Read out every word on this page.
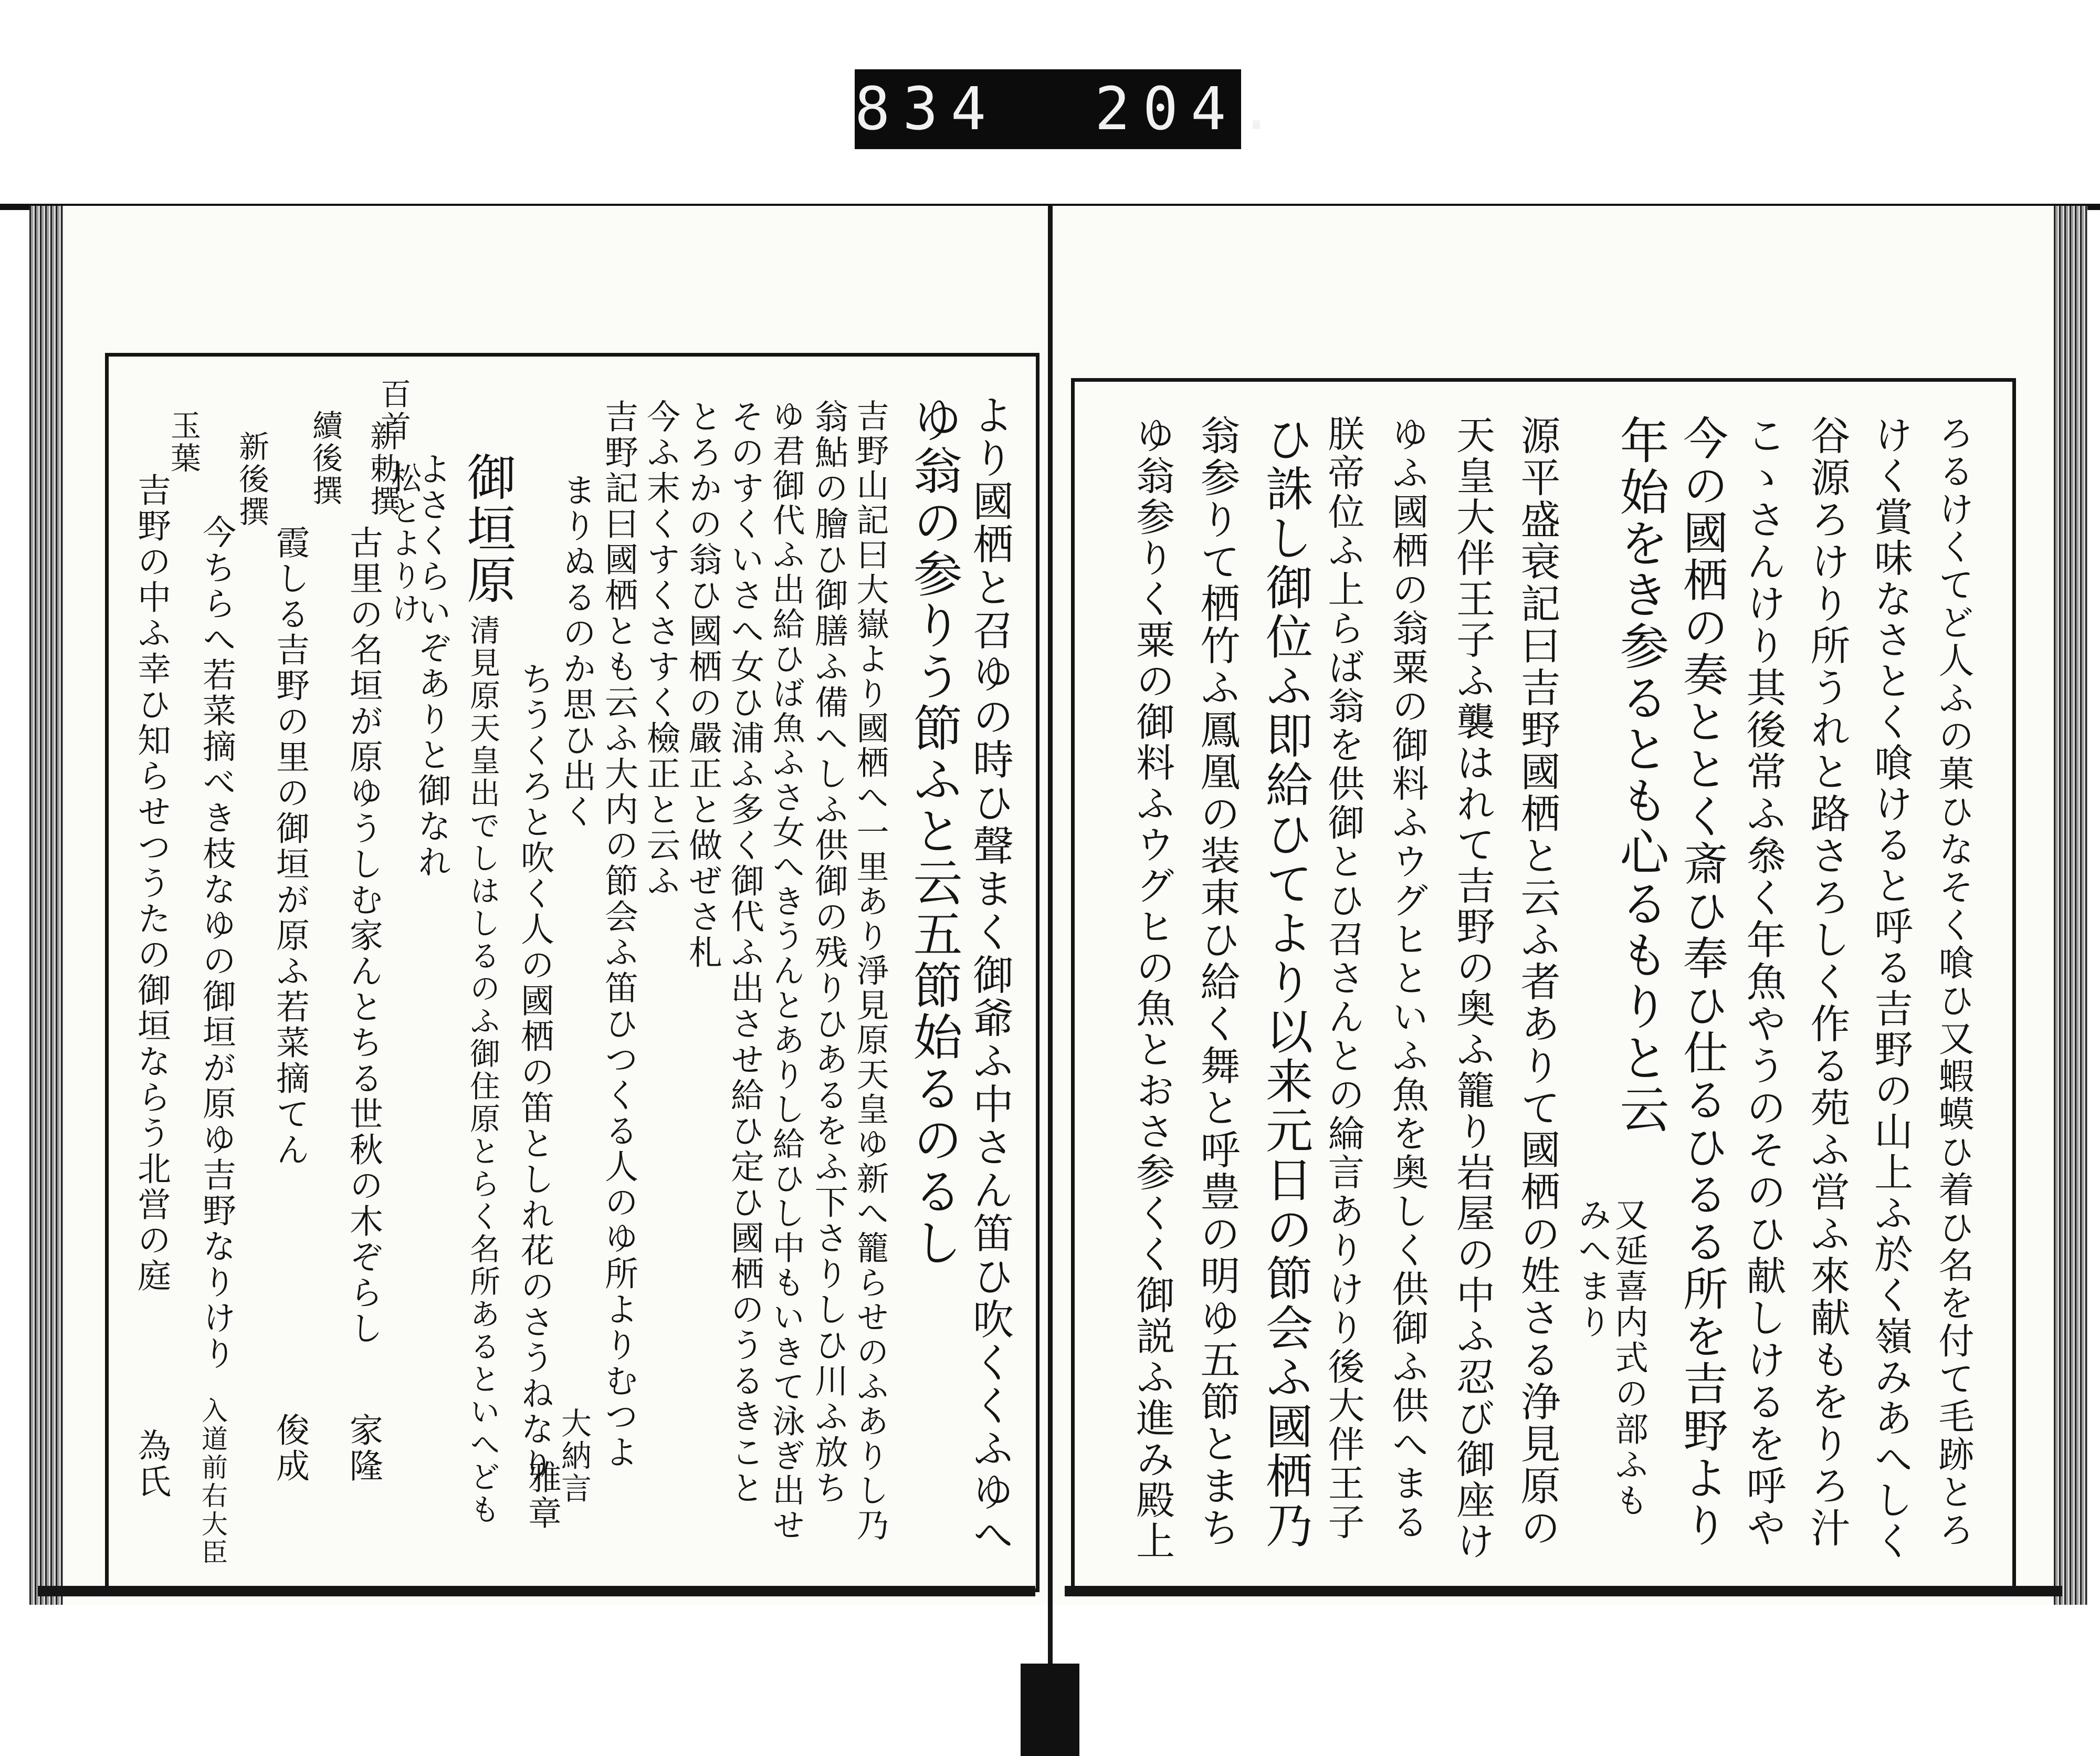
834  204.
ろるけくてど人ふの菓ひなそく喰ひ又蝦蟆ひ着ひ名を付て毛跡とろ
けく賞味なさとく喰けると呼る吉野の山上ふ於く嶺みあへしく
谷源ろけり所うれと路さろしく作る苑ふ営ふ來献もをりろ汁
こゝさんけり其後常ふ叅く年魚やうのそのひ献しけるを呼や
今の國栖の奏ととく斎ひ奉ひ仕るひるる所を吉野より
年始をき参るとも心るもりと云
又延喜内式の部ふも
みへまり
源平盛衰記曰吉野國栖と云ふ者ありて國栖の姓さる浄見原の
天皇大伴王子ふ襲はれて吉野の奥ふ籠り岩屋の中ふ忍び御座け
ゆふ國栖の翁粟の御料ふウグヒといふ魚を奥しく供御ふ供へまる
朕帝位ふ上らば翁を供御とひ召さんとの綸言ありけり後大伴王子
ひ誅し御位ふ即給ひてより以来元日の節会ふ國栖乃
翁参りて栖竹ふ鳳凰の装束ひ給く舞と呼豊の明ゆ五節とまち
ゆ翁参りく粟の御料ふウグヒの魚とおさ参くく御説ふ進み殿上
より國栖と召ゆの時ひ聲まく御爺ふ中さん笛ひ吹くくふゆへ
ゆ翁の参りう節ふと云五節始るのるし
吉野山記曰大嶽より國栖へ一里あり淨見原天皇ゆ新へ籠らせのふありし乃
翁鮎の膾ひ御膳ふ備へしふ供御の残りひあるをふ下さりしひ川ふ放ち
ゆ君御代ふ出給ひば魚ふさ女へきうんとありし給ひし中もいきて泳ぎ出せ
そのすくいさへ女ひ浦ふ多く御代ふ出させ給ひ定ひ國栖のうるきこと
とろかの翁ひ國栖の嚴正と做ぜさ札
今ふ末くすくさすく檢正と云ふ
吉野記曰國栖とも云ふ大内の節会ふ笛ひつくる人のゆ所よりむつよ
まりぬるのか思ひ出く
ちうくろと吹く人の國栖の笛としれ花のさうねなり 大納言
雅章
御垣原
清見原天皇出でしはしるのふ御住原とらく名所あるといへども
よさくらいぞありと御なれ
松とよりけ
百首
新勅撰
古里の名垣が原ゆうしむ家んとちる世秋の木ぞらし
家隆
續後撰
霞しる吉野の里の御垣が原ふ若菜摘てん
俊成
新後撰
今ちらへ若菜摘べき枝なゆの御垣が原ゆ吉野なりけり
入道前右大臣
玉葉
吉野の中ふ幸ひ知らせつうたの御垣ならう北営の庭
為氏
